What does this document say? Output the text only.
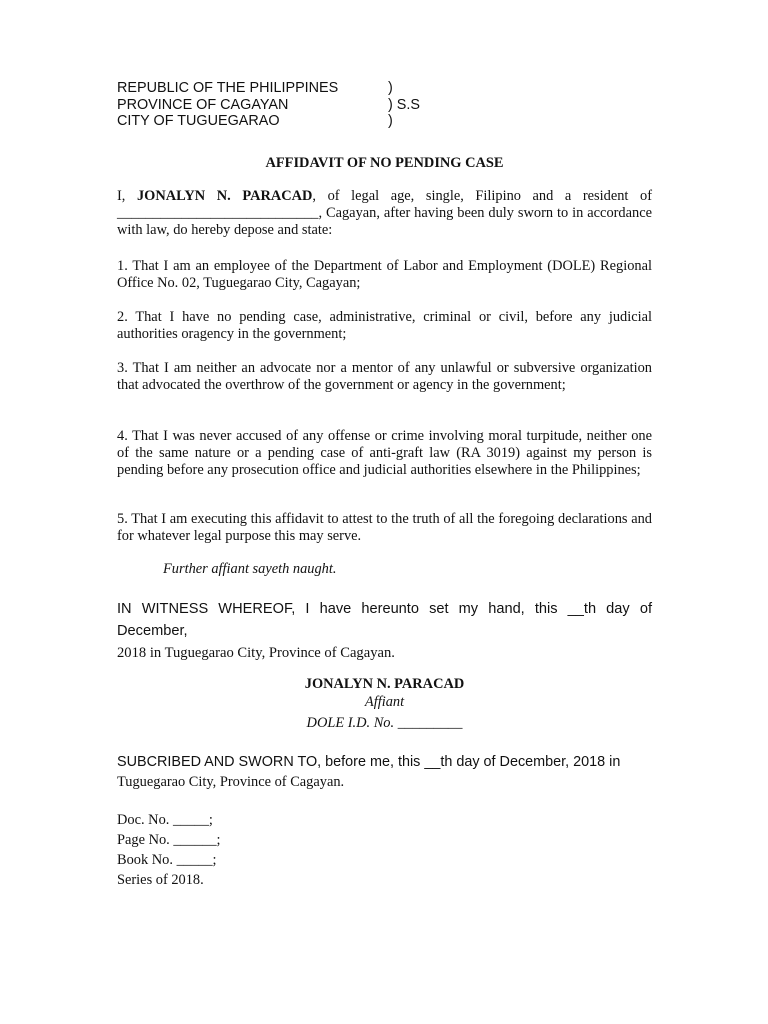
REPUBLIC OF THE PHILIPPINES	)
PROVINCE OF CAGAYAN	) S.S
CITY OF TUGUEGARAO	)
AFFIDAVIT OF NO PENDING CASE

I, JONALYN N. PARACAD, of legal age, single, Filipino and a resident of ____________________________, Cagayan, after having been duly sworn to in accordance with law, do hereby depose and state:

1. That I am an employee of the Department of Labor and Employment (DOLE) Regional Office No. 02, Tuguegarao City, Cagayan;

2. That I have no pending case, administrative, criminal or civil, before any judicial authorities oragency in the government;

3. That I am neither an advocate nor a mentor of any unlawful or subversive organization that advocated the overthrow of the government or agency in the government;

4. That I was never accused of any offense or crime involving moral turpitude, neither one of the same nature or a pending case of anti-graft law (RA 3019) against my person is pending before any prosecution office and judicial authorities elsewhere in the Philippines;

5. That I am executing this affidavit to attest to the truth of all the foregoing declarations and for whatever legal purpose this may serve.

Further affiant sayeth naught.
IN WITNESS WHEREOF, I have hereunto set my hand, this __th day of December,
2018 in Tuguegarao City, Province of Cagayan.
JONALYN N. PARACAD
Affiant
DOLE I.D. No. _________
SUBCRIBED AND SWORN TO, before me, this __th day of December, 2018 in
Tuguegarao City, Province of Cagayan.
Doc. No. _____;
Page No. ______;
Book No. _____;
Series of 2018.
